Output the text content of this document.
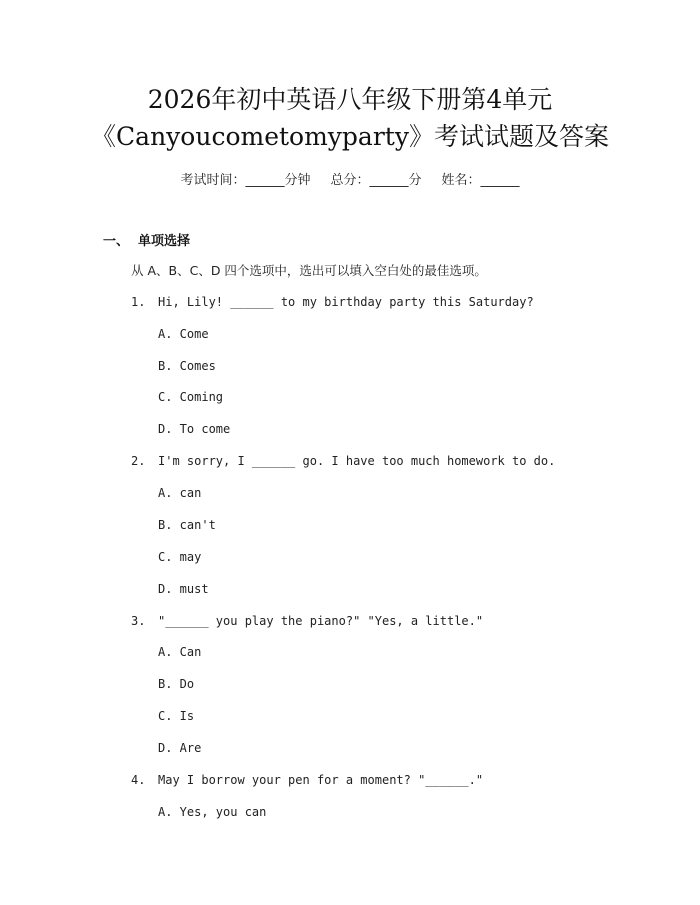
2026年初中英语八年级下册第4单元
《Canyoucometomyparty》考试试题及答案
考试时间：______分钟 总分：______分 姓名：______
一、 单项选择
从 A、B、C、D 四个选项中，选出可以填入空白处的最佳选项。
1. Hi, Lily! ______ to my birthday party this Saturday?
A. Come
B. Comes
C. Coming
D. To come
2. I'm sorry, I ______ go. I have too much homework to do.
A. can
B. can't
C. may
D. must
3. "______ you play the piano?" "Yes, a little."
A. Can
B. Do
C. Is
D. Are
4. May I borrow your pen for a moment? "______."
A. Yes, you can
